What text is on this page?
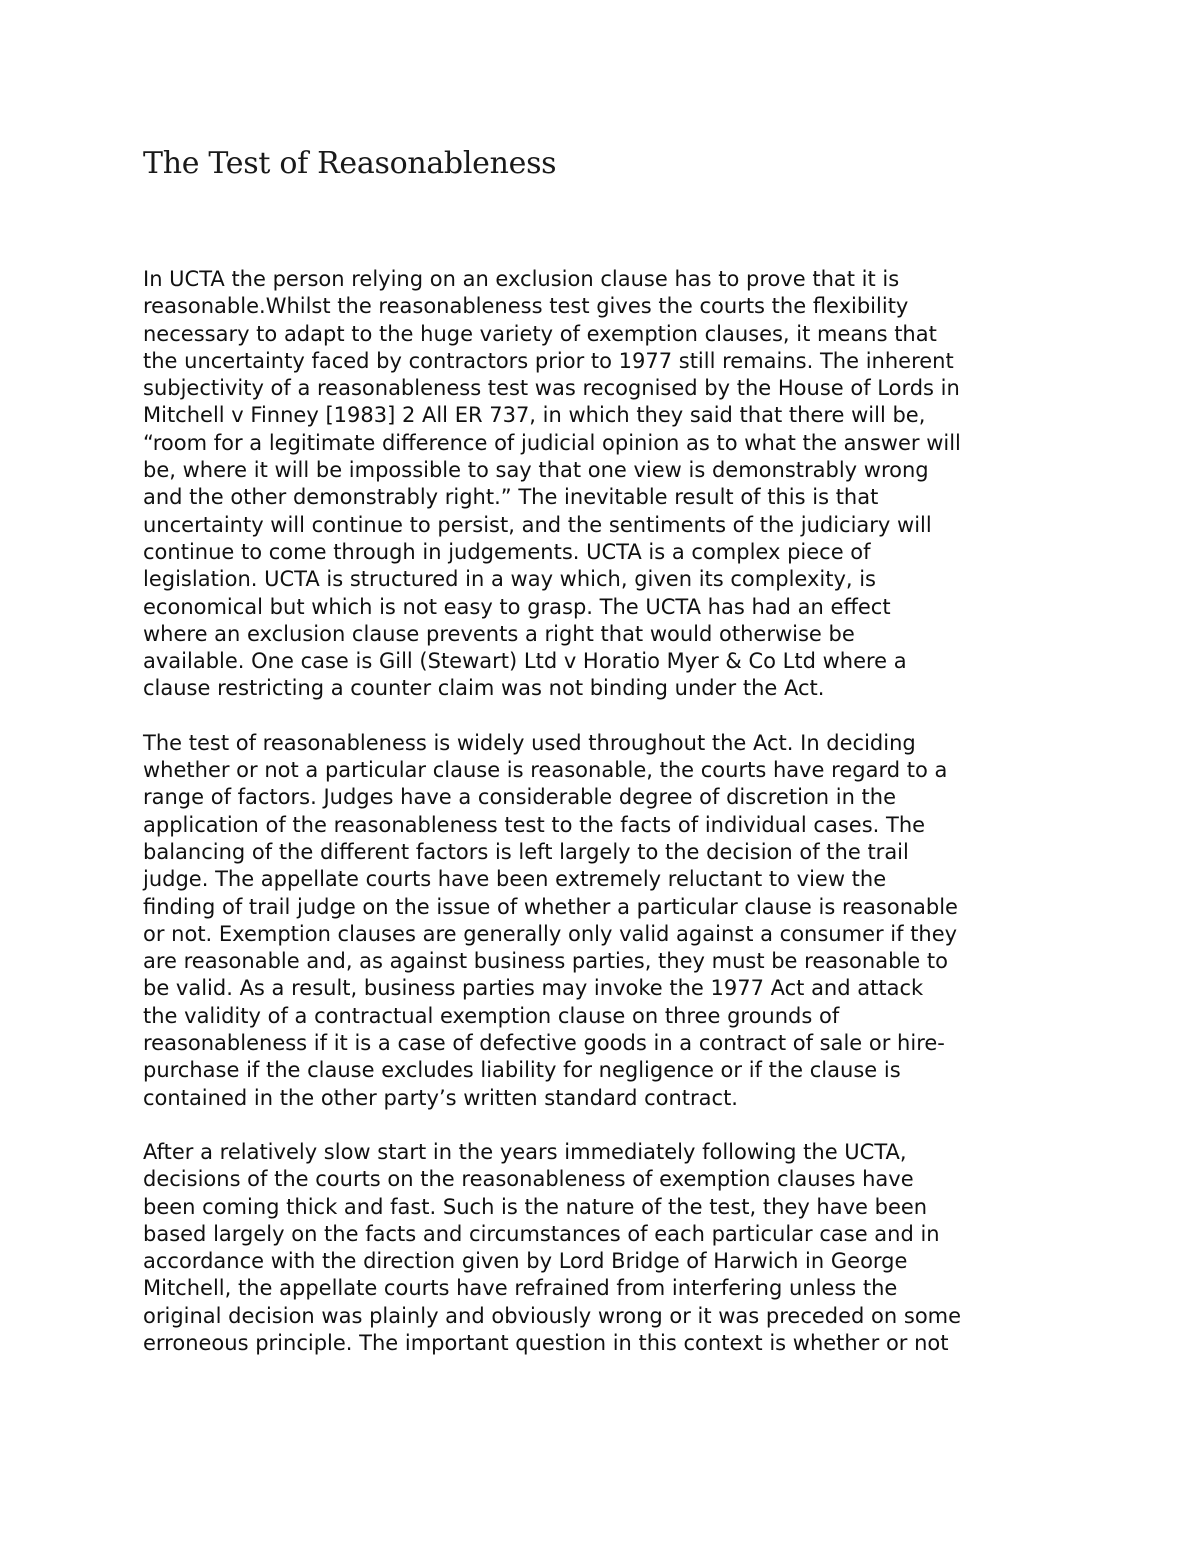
The Test of Reasonableness

In UCTA the person relying on an exclusion clause has to prove that it is
reasonable.Whilst the reasonableness test gives the courts the flexibility
necessary to adapt to the huge variety of exemption clauses, it means that
the uncertainty faced by contractors prior to 1977 still remains. The inherent
subjectivity of a reasonableness test was recognised by the House of Lords in
Mitchell v Finney [1983] 2 All ER 737, in which they said that there will be,
“room for a legitimate difference of judicial opinion as to what the answer will
be, where it will be impossible to say that one view is demonstrably wrong
and the other demonstrably right.” The inevitable result of this is that
uncertainty will continue to persist, and the sentiments of the judiciary will
continue to come through in judgements. UCTA is a complex piece of
legislation. UCTA is structured in a way which, given its complexity, is
economical but which is not easy to grasp. The UCTA has had an effect
where an exclusion clause prevents a right that would otherwise be
available. One case is Gill (Stewart) Ltd v Horatio Myer & Co Ltd where a
clause restricting a counter claim was not binding under the Act.

The test of reasonableness is widely used throughout the Act. In deciding
whether or not a particular clause is reasonable, the courts have regard to a
range of factors. Judges have a considerable degree of discretion in the
application of the reasonableness test to the facts of individual cases. The
balancing of the different factors is left largely to the decision of the trail
judge. The appellate courts have been extremely reluctant to view the
finding of trail judge on the issue of whether a particular clause is reasonable
or not. Exemption clauses are generally only valid against a consumer if they
are reasonable and, as against business parties, they must be reasonable to
be valid. As a result, business parties may invoke the 1977 Act and attack
the validity of a contractual exemption clause on three grounds of
reasonableness if it is a case of defective goods in a contract of sale or hire-
purchase if the clause excludes liability for negligence or if the clause is
contained in the other party’s written standard contract.

After a relatively slow start in the years immediately following the UCTA,
decisions of the courts on the reasonableness of exemption clauses have
been coming thick and fast. Such is the nature of the test, they have been
based largely on the facts and circumstances of each particular case and in
accordance with the direction given by Lord Bridge of Harwich in George
Mitchell, the appellate courts have refrained from interfering unless the
original decision was plainly and obviously wrong or it was preceded on some
erroneous principle. The important question in this context is whether or not
